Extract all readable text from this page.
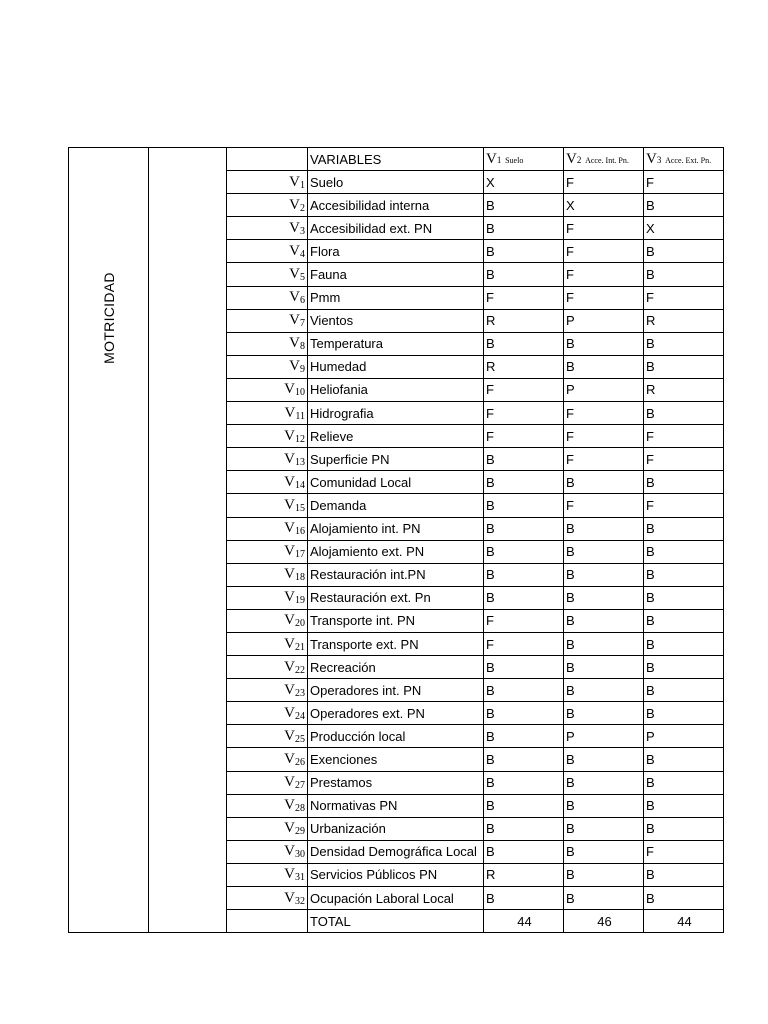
MOTRICIDAD			VARIABLES	V1 Suelo	V2 Acce. Int. Pn.	V3 Acce. Ext. Pn.
		$V_1$	Suelo	X	F	F
		$V_2$	Accesibilidad interna	B	X	B
		$V_3$	Accesibilidad ext. PN	B	F	X
		$V_4$	Flora	B	F	B
		$V_5$	Fauna	B	F	B
		$V_6$	Pmm	F	F	F
		$V_7$	Vientos	R	P	R
		$V_8$	Temperatura	B	B	B
		$V_9$	Humedad	R	B	B
		$V_{10}$	Heliofania	F	P	R
		$V_{11}$	Hidrografia	F	F	B
		$V_{12}$	Relieve	F	F	F
		$V_{13}$	Superficie PN	B	F	F
		$V_{14}$	Comunidad Local	B	B	B
		$V_{15}$	Demanda	B	F	F
		$V_{16}$	Alojamiento int. PN	B	B	B
		$V_{17}$	Alojamiento ext. PN	B	B	B
		$V_{18}$	Restauración int.PN	B	B	B
		$V_{19}$	Restauración ext. Pn	B	B	B
		$V_{20}$	Transporte int. PN	F	B	B
		$V_{21}$	Transporte ext. PN	F	B	B
		$V_{22}$	Recreación	B	B	B
		$V_{23}$	Operadores int. PN	B	B	B
		$V_{24}$	Operadores ext. PN	B	B	B
		$V_{25}$	Producción local	B	P	P
		$V_{26}$	Exenciones	B	B	B
		$V_{27}$	Prestamos	B	B	B
		$V_{28}$	Normativas PN	B	B	B
		$V_{29}$	Urbanización	B	B	B
		$V_{30}$	Densidad Demográfica Local	B	B	F
		$V_{31}$	Servicios Públicos PN	R	B	B
		$V_{32}$	Ocupación Laboral Local	B	B	B
			TOTAL	44	46	44
